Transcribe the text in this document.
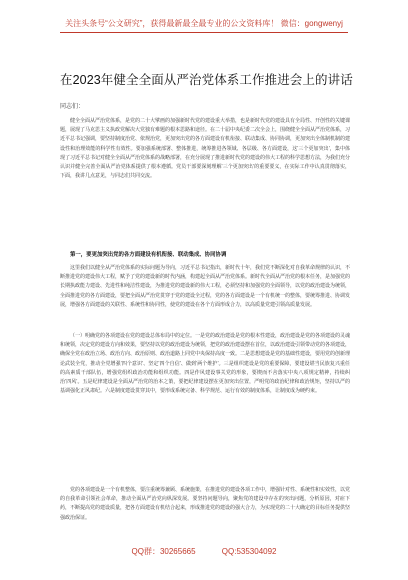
关注头条号“公文研究”，获得最新最全最专业的公文资料库！ 微信：gongwenyj
在2023年健全全面从严治党体系工作推进会上的讲话
同志们：

健全全面从严治党体系，是党的二十大擘画的加强新时代党的建设重大举措，也是新时代党的建设具有全局性、开创性的关键课题，展现了马克思主义执政党解决大党独有难题的根本思路和途径。在二十届中央纪委二次全会上，围绕健全全面从严治党体系，习近平总书记强调，要坚持制度治党、依规治党，更加突出党的各方面建设有机衔接、联动集成、协同协调，更加突出全体制机制的建设性和治理效能的科学性有效性。要加强系统部署、整体推进，统筹推进各领域、各层级、各方面建设，这‘三个更加突出’，集中体现了习近平总书记对健全全面从严治党体系的战略部署，在充分展现了推进新时代党的建设的伟大工程的科学思想方法，为我们充分认识并健全完善全面从严治党体系提供了根本遵循。党员干部要深刻理解‘三个更加突出’的重要要义，在实际工作中认真贯彻落实，下面，我讲几点意见，与同志们共同交流。

第一，要更加突出党的各方面建设有机衔接、联动集成、协同协调

这里我们以健全从严治党体系的实际问题为导向，习近平总书记指出，新时代十年，我们党不断深化对自我革命规律的认识，不断推进党的建设伟大工程，赋予了党的建设新的时代内涵，构建起全面从严治党体系。新时代全面从严治党的根本任务，是加强党的长期执政能力建设、先进性和纯洁性建设，为推进党的建设新的伟大工程，必须坚持和加强党的全面领导，以党的政治建设为统领，全面推进党的各方面建设，要把全面从严治党贯穿于党的建设全过程，党的各方面建设是一个有机统一的整体，要统筹推进、协调发展，增强各方面建设的关联性、系统性和协同性，使党的建设在各个方面形成合力，以高质量党建引领高质量发展。

（一）明确党的各项建设在党的建设总体布局中的定位。一是党的政治建设是党的根本性建设，政治建设是党的各项建设的灵魂和统领，决定党的建设方向和效果，要坚持以党的政治建设为统领，把党的政治建设摆在首位，以政治建设引领带动党的各项建设，确保全党在政治立场、政治方向、政治原则、政治道路上同党中央保持高度一致。二是思想建设是党的基础性建设，要用党的创新理论武装全党，推动全党增强‘四个意识’、坚定‘四个自信’、做到‘两个维护’。三是组织建设是党的重要保障，要建设堪当民族复兴重任的高素质干部队伍，增强党组织政治功能和组织功能。四是作风建设事关党的形象，要锲而不舍落实中央八项规定精神，持续纠治‘四风’。五是纪律建设是全面从严治党的治本之策，要把纪律建设摆在更加突出位置，严明党的政治纪律和政治规矩，坚持以严的基调强化正风肃纪。六是制度建设贯穿其中，要形成系统完备、科学规范、运行有效的制度体系，让制度成为硬约束。

党的各项建设是一个有机整体，要注重统筹兼顾、系统施策，在推进党的建设各项工作中，增强针对性、系统性和实效性，以党的自我革命引领社会革命，推动全面从严治党向纵深发展。要坚持问题导向，聚焦党的建设中存在的突出问题，分析原因，对症下药，不断提高党的建设质量，把各方面建设有机结合起来，形成推进党的建设的强大合力，为实现党的二十大确定的目标任务提供坚强政治保证。

QQ群：30265665	QQ:535304092
